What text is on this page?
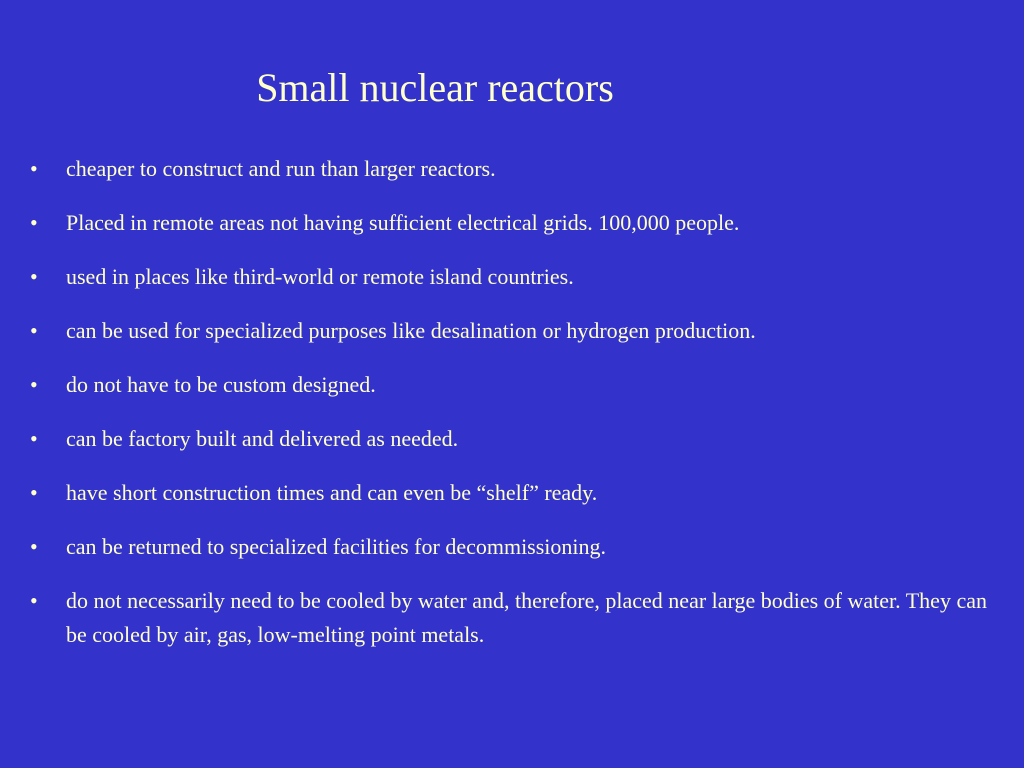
Small nuclear reactors
•	cheaper to construct and run than larger reactors.
•	Placed in remote areas not having sufficient electrical grids. 100,000 people.
•	used in places like third-world or remote island countries.
•	can be used for specialized purposes like desalination or hydrogen production.
•	do not have to be custom designed.
•	can be factory built and delivered as needed.
•	have short construction times and can even be “shelf” ready.
•	can be returned to specialized facilities for decommissioning.
•	do not necessarily need to be cooled by water and, therefore, placed near large bodies of water. They can be cooled by air, gas, low-melting point metals.
